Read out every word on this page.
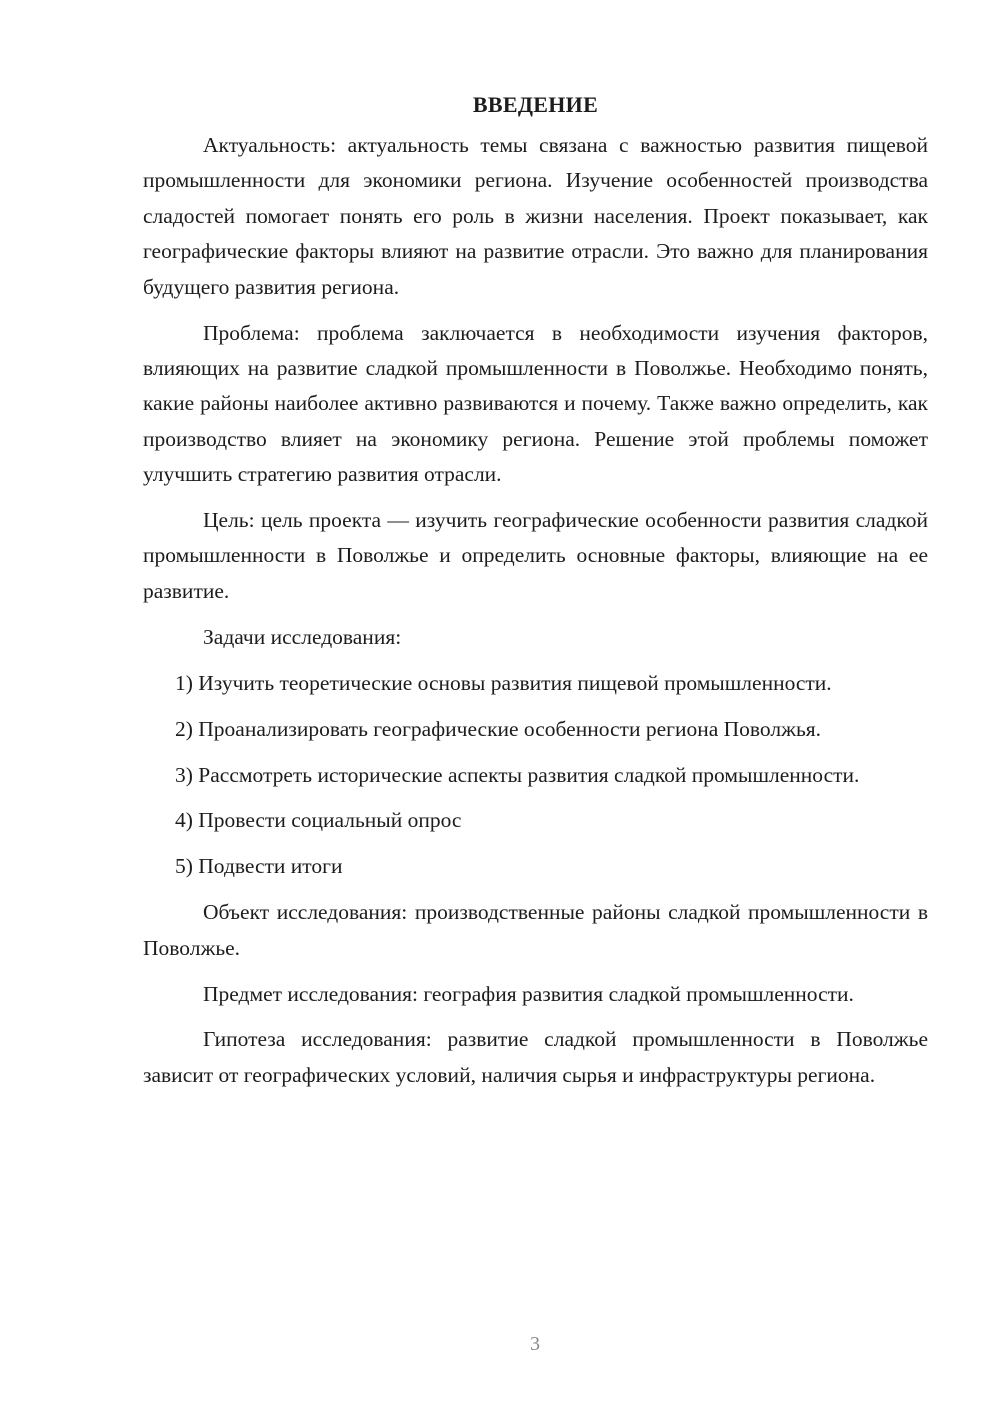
ВВЕДЕНИЕ

Актуальность: актуальность темы связана с важностью развития пищевой промышленности для экономики региона. Изучение особенностей производства сладостей помогает понять его роль в жизни населения. Проект показывает, как географические факторы влияют на развитие отрасли. Это важно для планирования будущего развития региона.

Проблема: проблема заключается в необходимости изучения факторов, влияющих на развитие сладкой промышленности в Поволжье. Необходимо понять, какие районы наиболее активно развиваются и почему. Также важно определить, как производство влияет на экономику региона. Решение этой проблемы поможет улучшить стратегию развития отрасли.

Цель: цель проекта — изучить географические особенности развития сладкой промышленности в Поволжье и определить основные факторы, влияющие на ее развитие.

Задачи исследования:

1) Изучить теоретические основы развития пищевой промышленности.

2) Проанализировать географические особенности региона Поволжья.

3) Рассмотреть исторические аспекты развития сладкой промышленности.

4) Провести социальный опрос

5) Подвести итоги

Объект исследования: производственные районы сладкой промышленности в Поволжье.

Предмет исследования: география развития сладкой промышленности.

Гипотеза исследования: развитие сладкой промышленности в Поволжье зависит от географических условий, наличия сырья и инфраструктуры региона.

3
